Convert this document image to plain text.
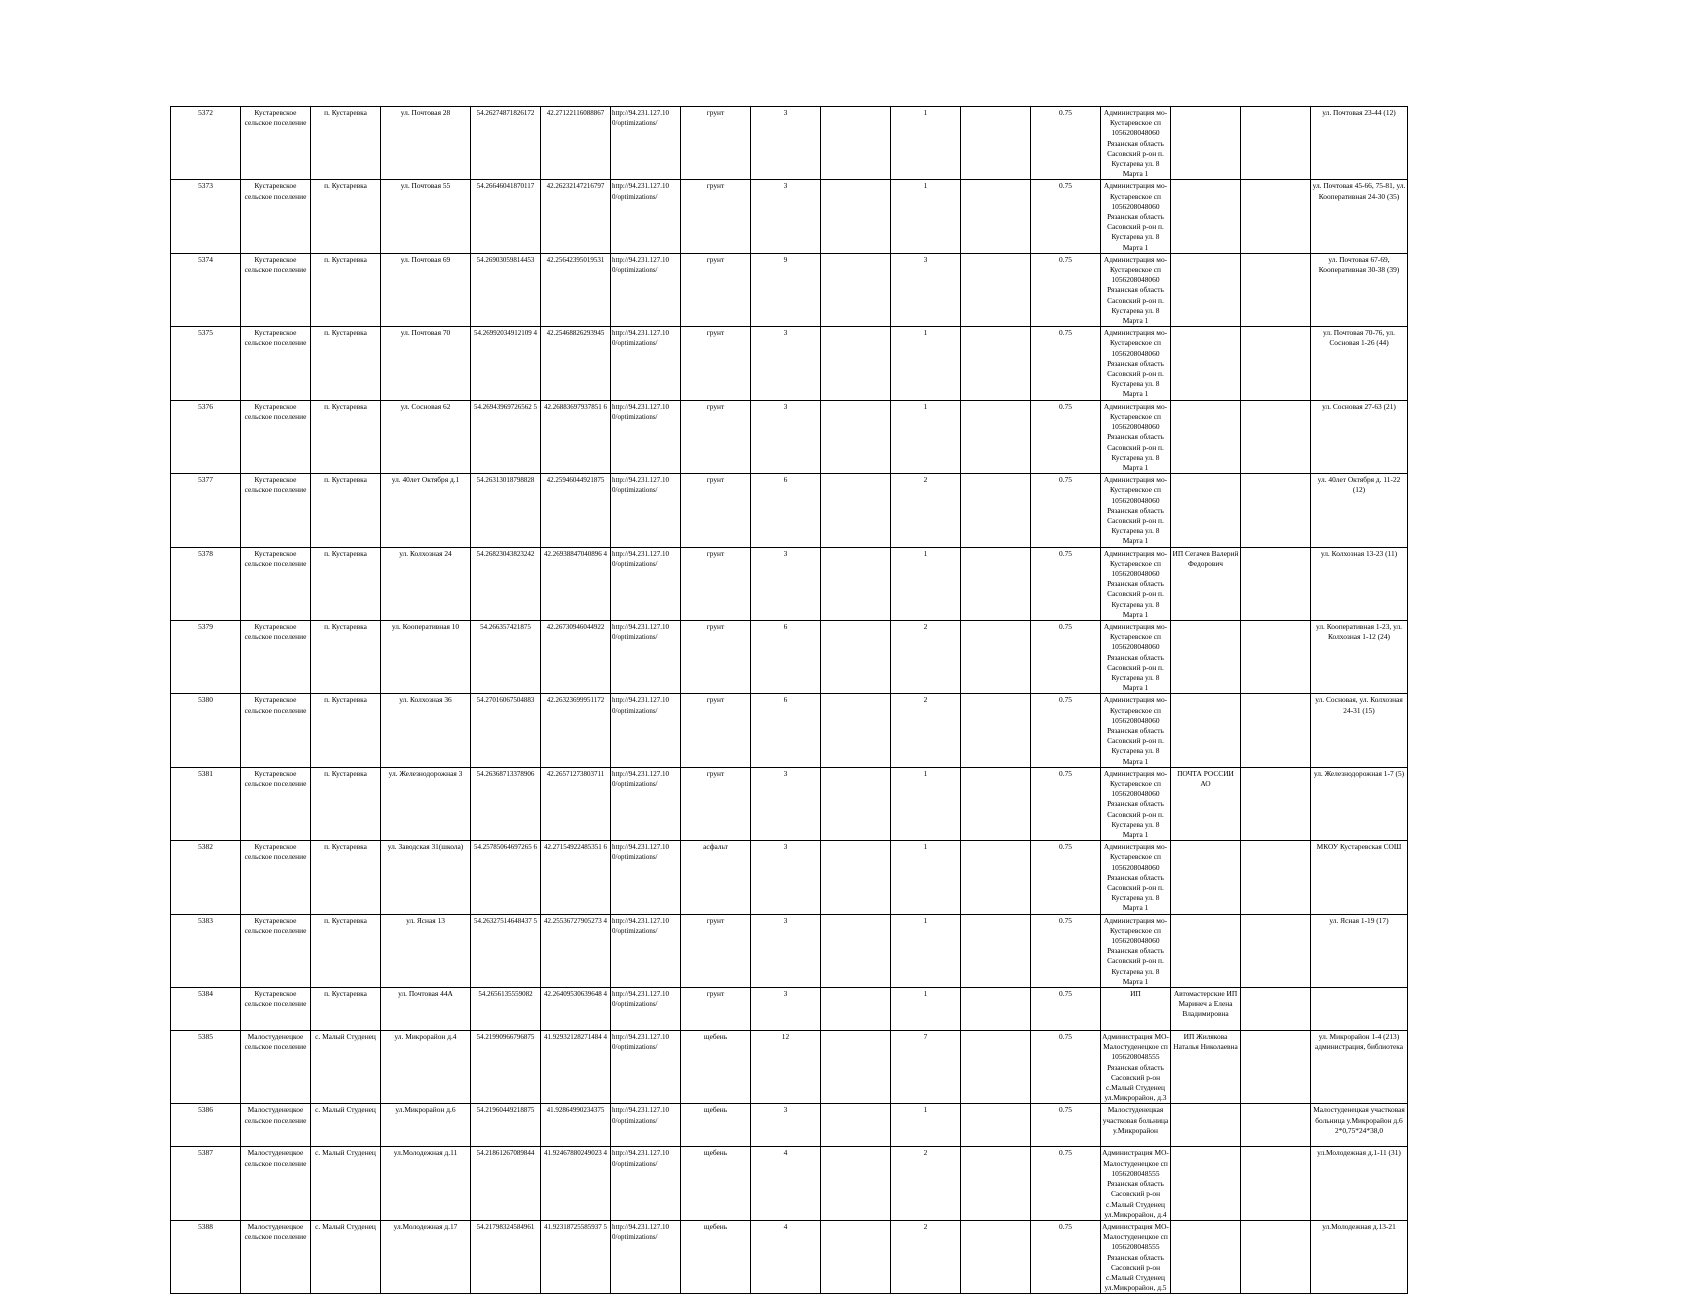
5372	Кустаревское сельское поселение	п. Кустаревка	ул. Почтовая 28	54.26274871826172	42.27122116088867	http://94.231.127.10 0/optimizations/	грунт	3		1		0.75	Администрация мо-Кустаревское сп 1056208048060 Рязанская область Сасовский р-он п. Кустарева ул. 8 Марта 1			ул. Почтовая 23-44 (12)
5373	Кустаревское сельское поселение	п. Кустаревка	ул. Почтовая 55	54.26646041870117	42.26232147216797	http://94.231.127.10 0/optimizations/	грунт	3		1		0.75	Администрация мо-Кустаревское сп 1056208048060 Рязанская область Сасовский р-он п. Кустарева ул. 8 Марта 1			ул. Почтовая 45-66, 75-81, ул. Кооперативная 24-30 (35)
5374	Кустаревское сельское поселение	п. Кустаревка	ул. Почтовая 69	54.26903059814453	42.25642395019531	http://94.231.127.10 0/optimizations/	грунт	9		3		0.75	Администрация мо-Кустаревское сп 1056208048060 Рязанская область Сасовский р-он п. Кустарева ул. 8 Марта 1			ул. Почтовая 67-69, Кооперативная 30-38 (39)
5375	Кустаревское сельское поселение	п. Кустаревка	ул. Почтовая 70	54.26992034912109 4	42.25468826293945	http://94.231.127.10 0/optimizations/	грунт	3		1		0.75	Администрация мо-Кустаревское сп 1056208048060 Рязанская область Сасовский р-он п. Кустарева ул. 8 Марта 1			ул. Почтовая 70-76, ул. Сосновая 1-26 (44)
5376	Кустаревское сельское поселение	п. Кустаревка	ул. Сосновая 62	54.26943969726562 5	42.26883697937851 6	http://94.231.127.10 0/optimizations/	грунт	3		1		0.75	Администрация мо-Кустаревское сп 1056208048060 Рязанская область Сасовский р-он п. Кустарева ул. 8 Марта 1			ул. Сосновая 27-63 (21)
5377	Кустаревское сельское поселение	п. Кустаревка	ул. 40лет Октября д.1	54.26313018798828	42.25946044921875	http://94.231.127.10 0/optimizations/	грунт	6		2		0.75	Администрация мо-Кустаревское сп 1056208048060 Рязанская область Сасовский р-он п. Кустарева ул. 8 Марта 1			ул. 40лет Октября д. 11-22 (12)
5378	Кустаревское сельское поселение	п. Кустаревка	ул. Колхозная 24	54.26823043823242	42.26938847040896 4	http://94.231.127.10 0/optimizations/	грунт	3		1		0.75	Администрация мо-Кустаревское сп 1056208048060 Рязанская область Сасовский р-он п. Кустарева ул. 8 Марта 1	ИП Сегачев Валерий Федорович		ул. Колхозная 13-23 (11)
5379	Кустаревское сельское поселение	п. Кустаревка	ул. Кооперативная 10	54.266357421875	42.26730946044922	http://94.231.127.10 0/optimizations/	грунт	6		2		0.75	Администрация мо-Кустаревское сп 1056208048060 Рязанская область Сасовский р-он п. Кустарева ул. 8 Марта 1			ул. Кооперативная 1-23, ул. Колхозная 1-12 (24)
5380	Кустаревское сельское поселение	п. Кустаревка	ул. Колхозная 36	54.27016067504883	42.26323699951172	http://94.231.127.10 0/optimizations/	грунт	6		2		0.75	Администрация мо-Кустаревское сп 1056208048060 Рязанская область Сасовский р-он п. Кустарева ул. 8 Марта 1			ул. Сосновая, ул. Колхозная 24-31 (15)
5381	Кустаревское сельское поселение	п. Кустаревка	ул. Железнодорожная 3	54.26368713378906	42.26571273803711	http://94.231.127.10 0/optimizations/	грунт	3		1		0.75	Администрация мо-Кустаревское сп 1056208048060 Рязанская область Сасовский р-он п. Кустарева ул. 8 Марта 1	ПОЧТА РОССИИ АО		ул. Железнодорожная 1-7 (5)
5382	Кустаревское сельское поселение	п. Кустаревка	ул. Заводская 31(школа)	54.25785064697265 6	42.27154922485351 6	http://94.231.127.10 0/optimizations/	асфальт	3		1		0.75	Администрация мо-Кустаревское сп 1056208048060 Рязанская область Сасовский р-он п. Кустарева ул. 8 Марта 1			МКОУ Кустаревская СОШ
5383	Кустаревское сельское поселение	п. Кустаревка	ул. Ясная 13	54.26327514648437 5	42.25536727905273 4	http://94.231.127.10 0/optimizations/	грунт	3		1		0.75	Администрация мо-Кустаревское сп 1056208048060 Рязанская область Сасовский р-он п. Кустарева ул. 8 Марта 1			ул. Ясная 1-19 (17)
5384	Кустаревское сельское поселение	п. Кустаревка	ул. Почтовая 44А	54.2656135559082	42.26409530639648 4	http://94.231.127.10 0/optimizations/	грунт	3		1		0.75	ИП	Автомастерские ИП Маринеч а Елена Владимировна		
5385	Малостуденецкое сельское поселение	с. Малый Студенец	ул. Микрорайон д.4	54.21990966796875	41.92932128271484 4	http://94.231.127.10 0/optimizations/	щебень	12		7		0.75	Администрация МО-Малостуденецкое сп 1056208048555 Рязанская область Сасовский р-он с.Малый Студенец ул.Микрорайон, д.3	ИП Жилякова Наталья Николаевна		ул. Микрорайон 1-4 (213) администрация, библиотека
5386	Малостуденецкое сельское поселение	с. Малый Студенец	ул.Микрорайон д.6	54.21960449218875	41.92864990234375	http://94.231.127.10 0/optimizations/	щебень	3		1		0.75	Малостуденецкая участковая больница у.Микрорайон			Малостуденецкая участковая больница у.Микрорайон д.6 2*0,75*24*38,0
5387	Малостуденецкое сельское поселение	с. Малый Студенец	ул.Молодежная д.11	54.21861267089844	41.92467880249023 4	http://94.231.127.10 0/optimizations/	щебень	4		2		0.75	Администрация МО-Малостуденецкое сп 1056208048555 Рязанская область Сасовский р-он с.Малый Студенец ул.Микрорайон, д.4			ул.Молодежная д.1-11 (31)
5388	Малостуденецкое сельское поселение	с. Малый Студенец	ул.Молодежная д.17	54.21798324584961	41.92318725585937 5	http://94.231.127.10 0/optimizations/	щебень	4		2		0.75	Администрация МО-Малостуденецкое сп 1056208048555 Рязанская область Сасовский р-он с.Малый Студенец ул.Микрорайон, д.5			ул.Молодежная д.13-21
